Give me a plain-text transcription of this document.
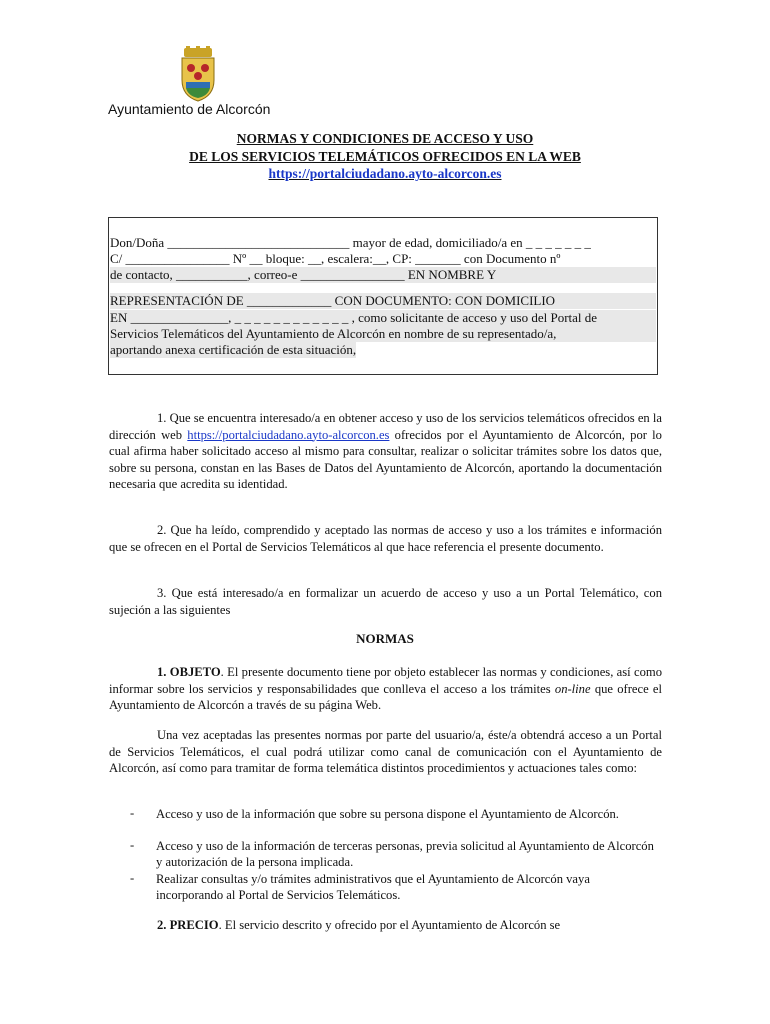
Ayuntamiento de Alcorcón
NORMAS Y CONDICIONES DE ACCESO Y USO
DE LOS SERVICIOS TELEMÁTICOS OFRECIDOS EN LA WEB
https://portalciudadano.ayto-alcorcon.es
Don/Doña ____________________________ mayor de edad, domiciliado/a en _ _ _ _ _ _ _
C/ ________________ Nº __ bloque: __, escalera:__, CP: _______ con Documento nº
de contacto, ___________, correo-e ________________ EN NOMBRE Y
REPRESENTACIÓN DE _____________ CON DOCUMENTO: CON DOMICILIO
EN _______________, _ _ _ _ _ _ _ _ _ _ _ _ , como solicitante de acceso y uso del Portal de
Servicios Telemáticos del Ayuntamiento de Alcorcón en nombre de su representado/a,
aportando anexa certificación de esta situación,
1. Que se encuentra interesado/a en obtener acceso y uso de los servicios telemáticos ofrecidos en la dirección web https://portalciudadano.ayto-alcorcon.es ofrecidos por el Ayuntamiento de Alcorcón, por lo cual afirma haber solicitado acceso al mismo para consultar, realizar o solicitar trámites sobre los datos que, sobre su persona, constan en las Bases de Datos del Ayuntamiento de Alcorcón, aportando la documentación necesaria que acredita su identidad.
2. Que ha leído, comprendido y aceptado las normas de acceso y uso a los trámites e información que se ofrecen en el Portal de Servicios Telemáticos al que hace referencia el presente documento.
3. Que está interesado/a en formalizar un acuerdo de acceso y uso a un Portal Telemático, con sujeción a las siguientes
NORMAS
1. OBJETO. El presente documento tiene por objeto establecer las normas y condiciones, así como informar sobre los servicios y responsabilidades que conlleva el acceso a los trámites on-line que ofrece el Ayuntamiento de Alcorcón a través de su página Web.
Una vez aceptadas las presentes normas por parte del usuario/a, éste/a obtendrá acceso a un Portal de Servicios Telemáticos, el cual podrá utilizar como canal de comunicación con el Ayuntamiento de Alcorcón, así como para tramitar de forma telemática distintos procedimientos y actuaciones tales como:
- Acceso y uso de la información que sobre su persona dispone el Ayuntamiento de Alcorcón.
- Acceso y uso de la información de terceras personas, previa solicitud al Ayuntamiento de Alcorcón y autorización de la persona implicada.
- Realizar consultas y/o trámites administrativos que el Ayuntamiento de Alcorcón vaya incorporando al Portal de Servicios Telemáticos.
2. PRECIO. El servicio descrito y ofrecido por el Ayuntamiento de Alcorcón se
